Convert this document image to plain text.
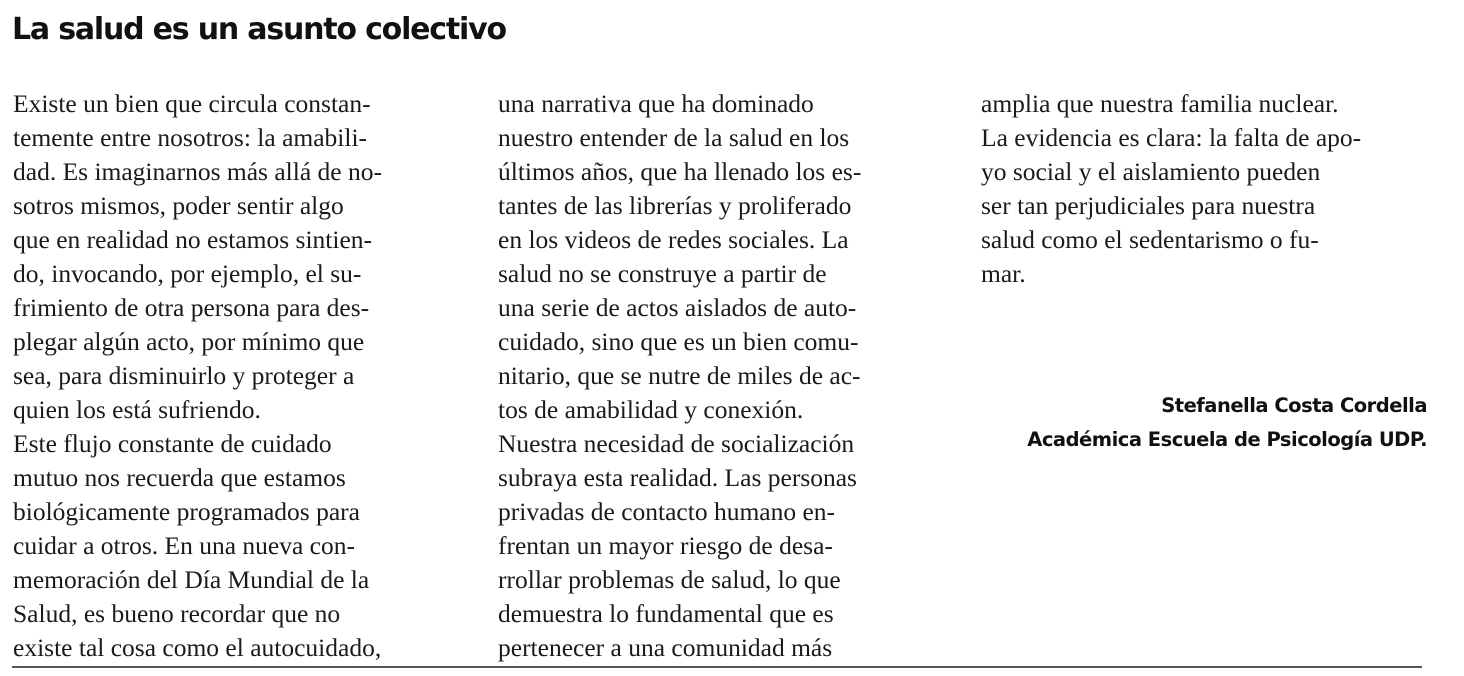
La salud es un asunto colectivo
Existe un bien que circula constan-
temente entre nosotros: la amabili-
dad. Es imaginarnos más allá de no-
sotros mismos, poder sentir algo
que en realidad no estamos sintien-
do, invocando, por ejemplo, el su-
frimiento de otra persona para des-
plegar algún acto, por mínimo que
sea, para disminuirlo y proteger a
quien los está sufriendo.
Este flujo constante de cuidado
mutuo nos recuerda que estamos
biológicamente programados para
cuidar a otros. En una nueva con-
memoración del Día Mundial de la
Salud, es bueno recordar que no
existe tal cosa como el autocuidado,
una narrativa que ha dominado
nuestro entender de la salud en los
últimos años, que ha llenado los es-
tantes de las librerías y proliferado
en los videos de redes sociales. La
salud no se construye a partir de
una serie de actos aislados de auto-
cuidado, sino que es un bien comu-
nitario, que se nutre de miles de ac-
tos de amabilidad y conexión.
Nuestra necesidad de socialización
subraya esta realidad. Las personas
privadas de contacto humano en-
frentan un mayor riesgo de desa-
rrollar problemas de salud, lo que
demuestra lo fundamental que es
pertenecer a una comunidad más
amplia que nuestra familia nuclear.
La evidencia es clara: la falta de apo-
yo social y el aislamiento pueden
ser tan perjudiciales para nuestra
salud como el sedentarismo o fu-
mar.
Stefanella Costa Cordella
Académica Escuela de Psicología UDP.
